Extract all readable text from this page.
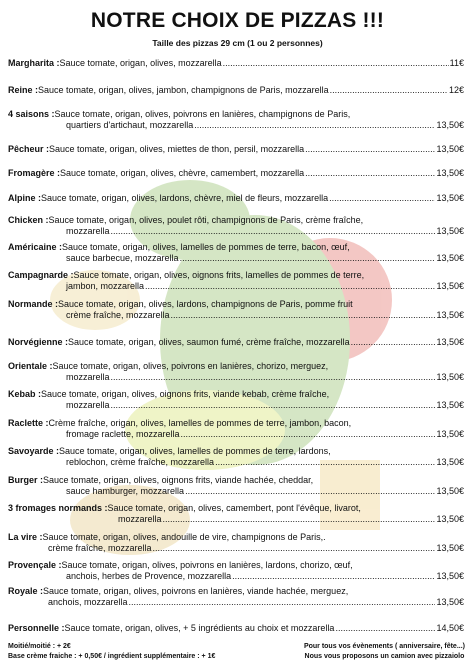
NOTRE CHOIX DE PIZZAS !!!
Taille des pizzas 29 cm (1 ou 2 personnes)
Margharita : Sauce tomate, origan, olives, mozzarella .....	11€
Reine : Sauce tomate, origan, olives, jambon, champignons de Paris, mozzarella .....	12€
4 saisons : Sauce tomate, origan, olives, poivrons en lanières, champignons de Paris,
quartiers d'artichaut, mozzarella .....	13,50€
Pêcheur : Sauce tomate, origan, olives, miettes de thon, persil, mozzarella .....	13,50€
Fromagère : Sauce tomate, origan, olives, chèvre, camembert, mozzarella .....	13,50€
Alpine : Sauce tomate, origan, olives, lardons, chèvre, miel de fleurs, mozzarella .....	13,50€
Chicken : Sauce tomate, origan, olives, poulet rôti, champignons de Paris, crème fraîche,
mozzarella .....	13,50€
Américaine : Sauce tomate, origan, olives, lamelles de pommes de terre, bacon, œuf,
sauce barbecue, mozzarella .....	13,50€
Campagnarde : Sauce tomate, origan, olives, oignons frits, lamelles de pommes de terre,
jambon, mozzarella .....	13,50€
Normande : Sauce tomate, origan, olives, lardons, champignons de Paris, pomme fruit
crème fraîche, mozzarella .....	13,50€
Norvégienne : Sauce tomate, origan, olives, saumon fumé, crème fraîche, mozzarella .....	13,50€
Orientale : Sauce tomate, origan, olives, poivrons en lanières, chorizo, merguez,
mozzarella .....	13,50€
Kebab : Sauce tomate, origan, olives, oignons frits, viande kebab, crème fraîche,
mozzarella .....	13,50€
Raclette : Crème fraîche, origan, olives, lamelles de pommes de terre, jambon, bacon,
fromage raclette, mozzarella .....	13,50€
Savoyarde : Sauce tomate, origan, olives, lamelles de pommes de terre, lardons,
reblochon, crème fraîche, mozzarella .....	13,50€
Burger : Sauce tomate, origan, olives, oignons frits, viande hachée, cheddar,
sauce hamburger, mozzarella .....	13,50€
3 fromages normands : Sauce tomate, origan, olives, camembert, pont l'évêque, livarot,
mozzarella .....	13,50€
La vire : Sauce tomate, origan, olives, andouille de vire, champignons de Paris,.
crème fraîche, mozzarella .....	13,50€
Provençale : Sauce tomate, origan, olives, poivrons en lanières, lardons, chorizo, œuf,
anchois, herbes de Provence, mozzarella .....	13,50€
Royale : Sauce tomate, origan, olives, poivrons en lanières, viande hachée, merguez,
anchois, mozzarella .....	13,50€
Personnelle : Sauce tomate, origan, olives, + 5 ingrédients au choix et mozzarella .....	14,50€
Moitié/moitié : + 2€
Base crème fraiche : + 0,50€ / ingrédient supplémentaire : + 1€
Pour tous vos évènements ( anniversaire, fête...)
Nous vous proposons un camion avec pizzaiolo
